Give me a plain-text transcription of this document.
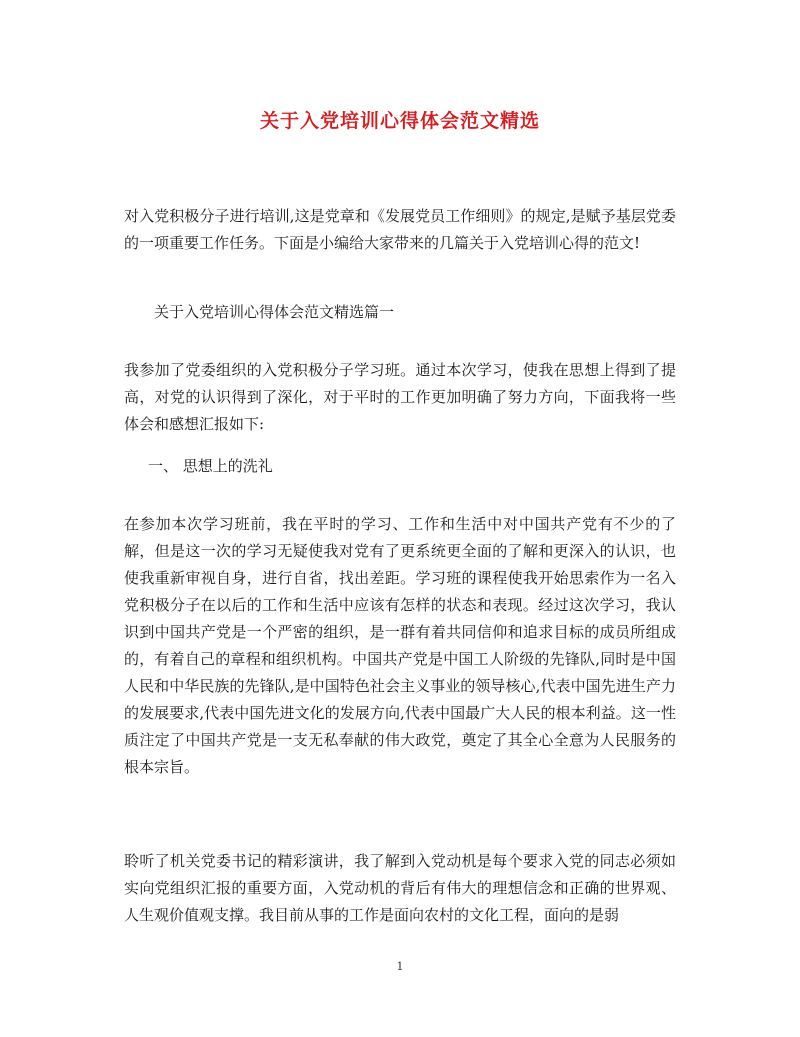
关于入党培训心得体会范文精选
对入党积极分子进行培训,这是党章和《发展党员工作细则》的规定,是赋予基层党委的一项重要工作任务。下面是小编给大家带来的几篇关于入党培训心得的范文!
关于入党培训心得体会范文精选篇一
我参加了党委组织的入党积极分子学习班。通过本次学习，使我在思想上得到了提高，对党的认识得到了深化，对于平时的工作更加明确了努力方向，下面我将一些体会和感想汇报如下:
一、 思想上的洗礼
在参加本次学习班前，我在平时的学习、工作和生活中对中国共产党有不少的了解，但是这一次的学习无疑使我对党有了更系统更全面的了解和更深入的认识，也使我重新审视自身，进行自省，找出差距。学习班的课程使我开始思索作为一名入党积极分子在以后的工作和生活中应该有怎样的状态和表现。经过这次学习，我认识到中国共产党是一个严密的组织，是一群有着共同信仰和追求目标的成员所组成的，有着自己的章程和组织机构。中国共产党是中国工人阶级的先锋队,同时是中国人民和中华民族的先锋队,是中国特色社会主义事业的领导核心,代表中国先进生产力的发展要求,代表中国先进文化的发展方向,代表中国最广大人民的根本利益。这一性质注定了中国共产党是一支无私奉献的伟大政党，奠定了其全心全意为人民服务的根本宗旨。
聆听了机关党委书记的精彩演讲，我了解到入党动机是每个要求入党的同志必须如实向党组织汇报的重要方面，入党动机的背后有伟大的理想信念和正确的世界观、人生观价值观支撑。我目前从事的工作是面向农村的文化工程，面向的是弱
1
